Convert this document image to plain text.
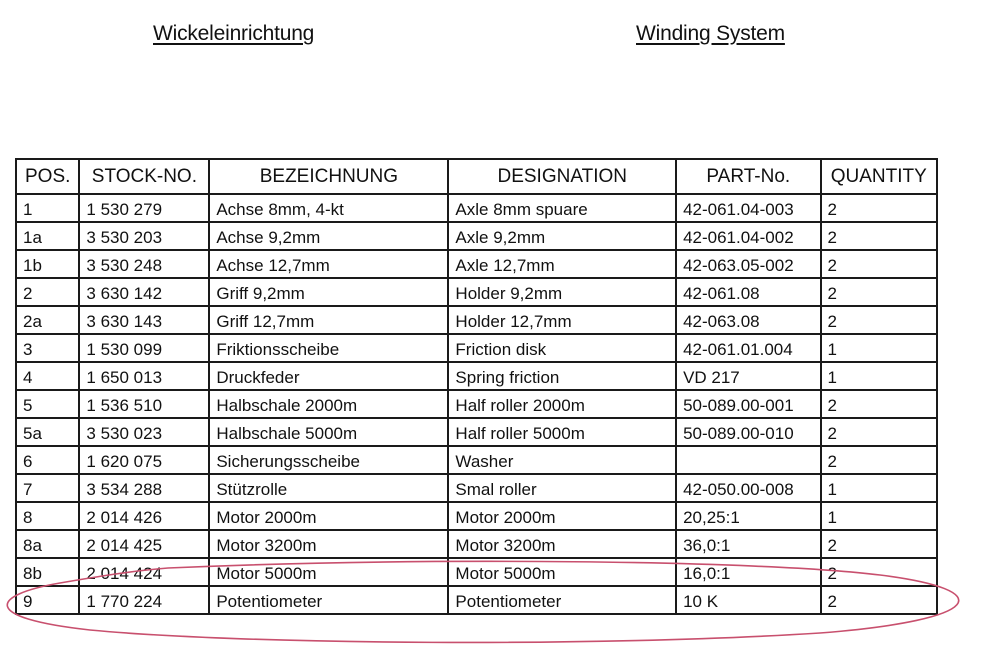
Wickeleinrichtung	Winding System
POS.	STOCK-NO.	BEZEICHNUNG	DESIGNATION	PART-No.	QUANTITY
1	1 530 279	Achse 8mm, 4-kt	Axle 8mm spuare	42-061.04-003	2
1a	3 530 203	Achse 9,2mm	Axle 9,2mm	42-061.04-002	2
1b	3 530 248	Achse 12,7mm	Axle 12,7mm	42-063.05-002	2
2	3 630 142	Griff 9,2mm	Holder 9,2mm	42-061.08	2
2a	3 630 143	Griff 12,7mm	Holder 12,7mm	42-063.08	2
3	1 530 099	Friktionsscheibe	Friction disk	42-061.01.004	1
4	1 650 013	Druckfeder	Spring friction	VD 217	1
5	1 536 510	Halbschale 2000m	Half roller 2000m	50-089.00-001	2
5a	3 530 023	Halbschale 5000m	Half roller 5000m	50-089.00-010	2
6	1 620 075	Sicherungsscheibe	Washer		2
7	3 534 288	Stützrolle	Smal roller	42-050.00-008	1
8	2 014 426	Motor 2000m	Motor 2000m	20,25:1	1
8a	2 014 425	Motor 3200m	Motor 3200m	36,0:1	2
8b	2 014 424	Motor 5000m	Motor 5000m	16,0:1	2
9	1 770 224	Potentiometer	Potentiometer	10 K	2
